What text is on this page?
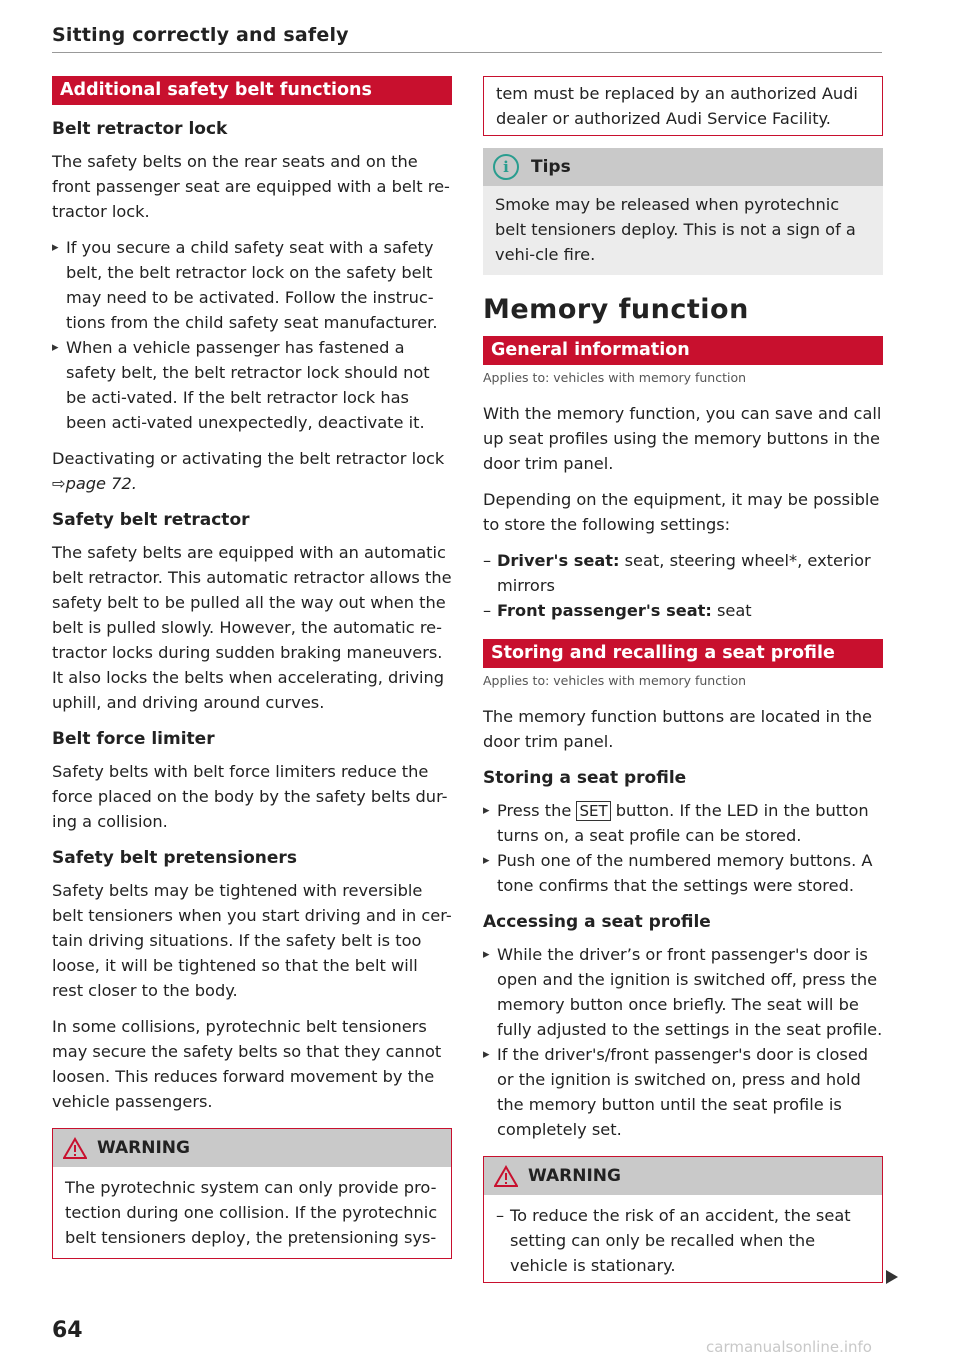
Sitting correctly and safely
Additional safety belt functions
Belt retractor lock

The safety belts on the rear seats and on the front passenger seat are equipped with a belt re-tractor lock.

▸ If you secure a child safety seat with a safety belt, the belt retractor lock on the safety belt may need to be activated. Follow the instruc-tions from the child safety seat manufacturer.
▸ When a vehicle passenger has fastened a safety belt, the belt retractor lock should not be acti-vated. If the belt retractor lock has been acti-vated unexpectedly, deactivate it.

Deactivating or activating the belt retractor lock
⇨page 72.

Safety belt retractor

The safety belts are equipped with an automatic belt retractor. This automatic retractor allows the safety belt to be pulled all the way out when the belt is pulled slowly. However, the automatic re-tractor locks during sudden braking maneuvers. It also locks the belts when accelerating, driving uphill, and driving around curves.

Belt force limiter

Safety belts with belt force limiters reduce the force placed on the body by the safety belts dur-ing a collision.

Safety belt pretensioners

Safety belts may be tightened with reversible belt tensioners when you start driving and in cer-tain driving situations. If the safety belt is too loose, it will be tightened so that the belt will rest closer to the body.

In some collisions, pyrotechnic belt tensioners may secure the safety belts so that they cannot loosen. This reduces forward movement by the vehicle passengers.

WARNING

The pyrotechnic system can only provide pro-tection during one collision. If the pyrotechnic belt tensioners deploy, the pretensioning sys-

tem must be replaced by an authorized Audi dealer or authorized Audi Service Facility.

i	Tips

Smoke may be released when pyrotechnic belt tensioners deploy. This is not a sign of a vehi-cle fire.

Memory function
General information
Applies to: vehicles with memory function

With the memory function, you can save and call up seat profiles using the memory buttons in the door trim panel.

Depending on the equipment, it may be possible to store the following settings:

– Driver's seat: seat, steering wheel*, exterior mirrors
– Front passenger's seat: seat
Storing and recalling a seat profile
Applies to: vehicles with memory function

The memory function buttons are located in the door trim panel.

Storing a seat profile
▸ Press the SET button. If the LED in the button turns on, a seat profile can be stored.
▸ Push one of the numbered memory buttons. A tone confirms that the settings were stored.
Accessing a seat profile
▸ While the driver’s or front passenger's door is open and the ignition is switched off, press the memory button once briefly. The seat will be fully adjusted to the settings in the seat profile.
▸ If the driver's/front passenger's door is closed or the ignition is switched on, press and hold the memory button until the seat profile is completely set.
WARNING
– To reduce the risk of an accident, the seat setting can only be recalled when the vehicle is stationary.
64
carmanualsonline.info
